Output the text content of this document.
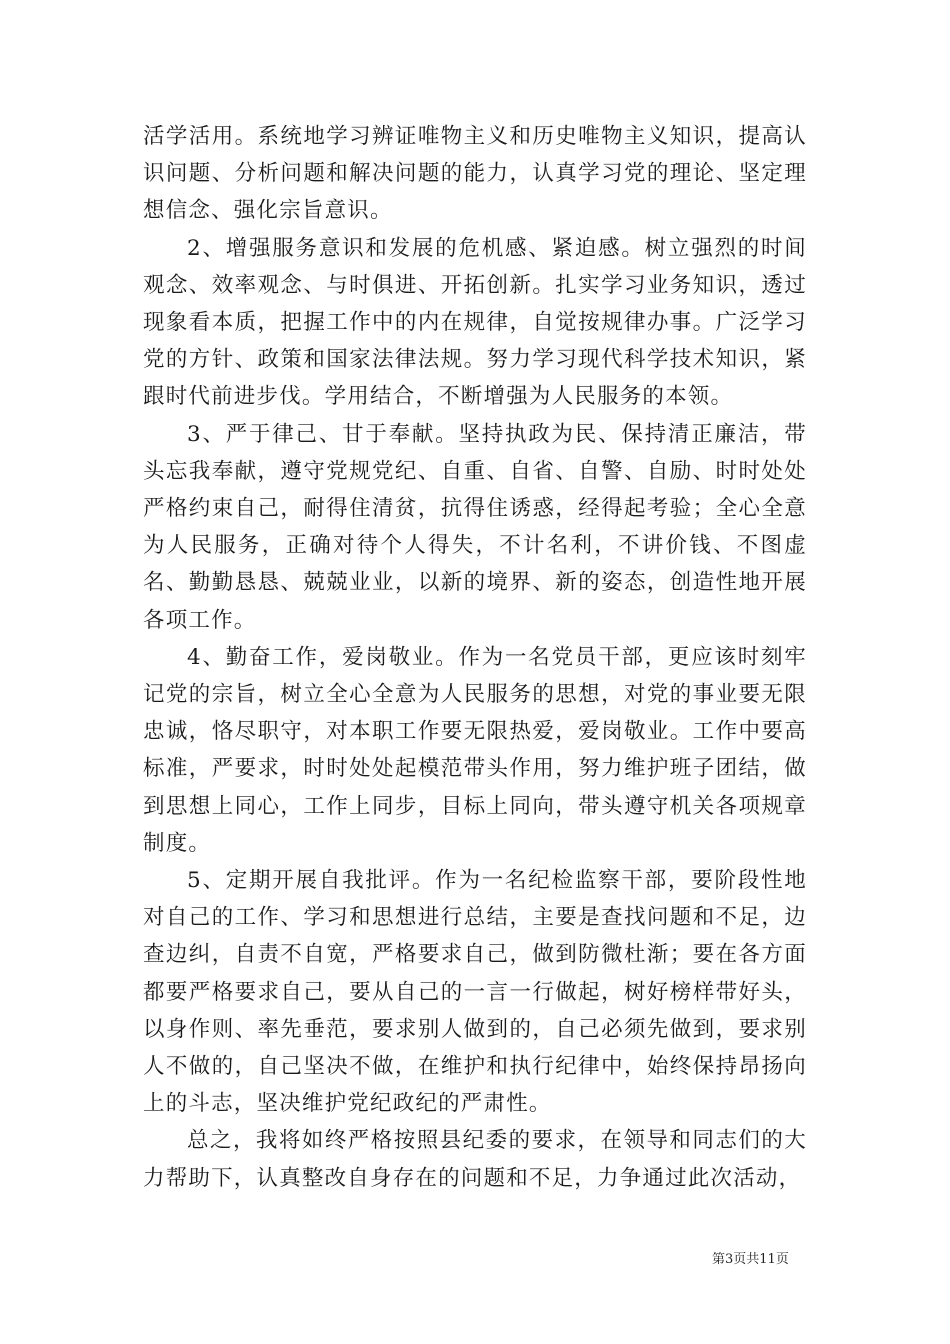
活学活用。系统地学习辨证唯物主义和历史唯物主义知识，提高认识问题、分析问题和解决问题的能力，认真学习党的理论、坚定理想信念、强化宗旨意识。

2、增强服务意识和发展的危机感、紧迫感。树立强烈的时间观念、效率观念、与时俱进、开拓创新。扎实学习业务知识，透过现象看本质，把握工作中的内在规律，自觉按规律办事。广泛学习党的方针、政策和国家法律法规。努力学习现代科学技术知识，紧跟时代前进步伐。学用结合，不断增强为人民服务的本领。

3、严于律己、甘于奉献。坚持执政为民、保持清正廉洁，带头忘我奉献，遵守党规党纪、自重、自省、自警、自励、时时处处严格约束自己，耐得住清贫，抗得住诱惑，经得起考验；全心全意为人民服务，正确对待个人得失，不计名利，不讲价钱、不图虚名、勤勤恳恳、兢兢业业，以新的境界、新的姿态，创造性地开展各项工作。

4、勤奋工作，爱岗敬业。作为一名党员干部，更应该时刻牢记党的宗旨，树立全心全意为人民服务的思想，对党的事业要无限忠诚，恪尽职守，对本职工作要无限热爱，爱岗敬业。工作中要高标准，严要求，时时处处起模范带头作用，努力维护班子团结，做到思想上同心，工作上同步，目标上同向，带头遵守机关各项规章制度。

5、定期开展自我批评。作为一名纪检监察干部，要阶段性地对自己的工作、学习和思想进行总结，主要是查找问题和不足，边查边纠，自责不自宽，严格要求自己，做到防微杜渐；要在各方面都要严格要求自己，要从自己的一言一行做起，树好榜样带好头，以身作则、率先垂范，要求别人做到的，自己必须先做到，要求别人不做的，自己坚决不做，在维护和执行纪律中，始终保持昂扬向上的斗志，坚决维护党纪政纪的严肃性。

总之，我将如终严格按照县纪委的要求，在领导和同志们的大力帮助下，认真整改自身存在的问题和不足，力争通过此次活动，

第3页共11页
